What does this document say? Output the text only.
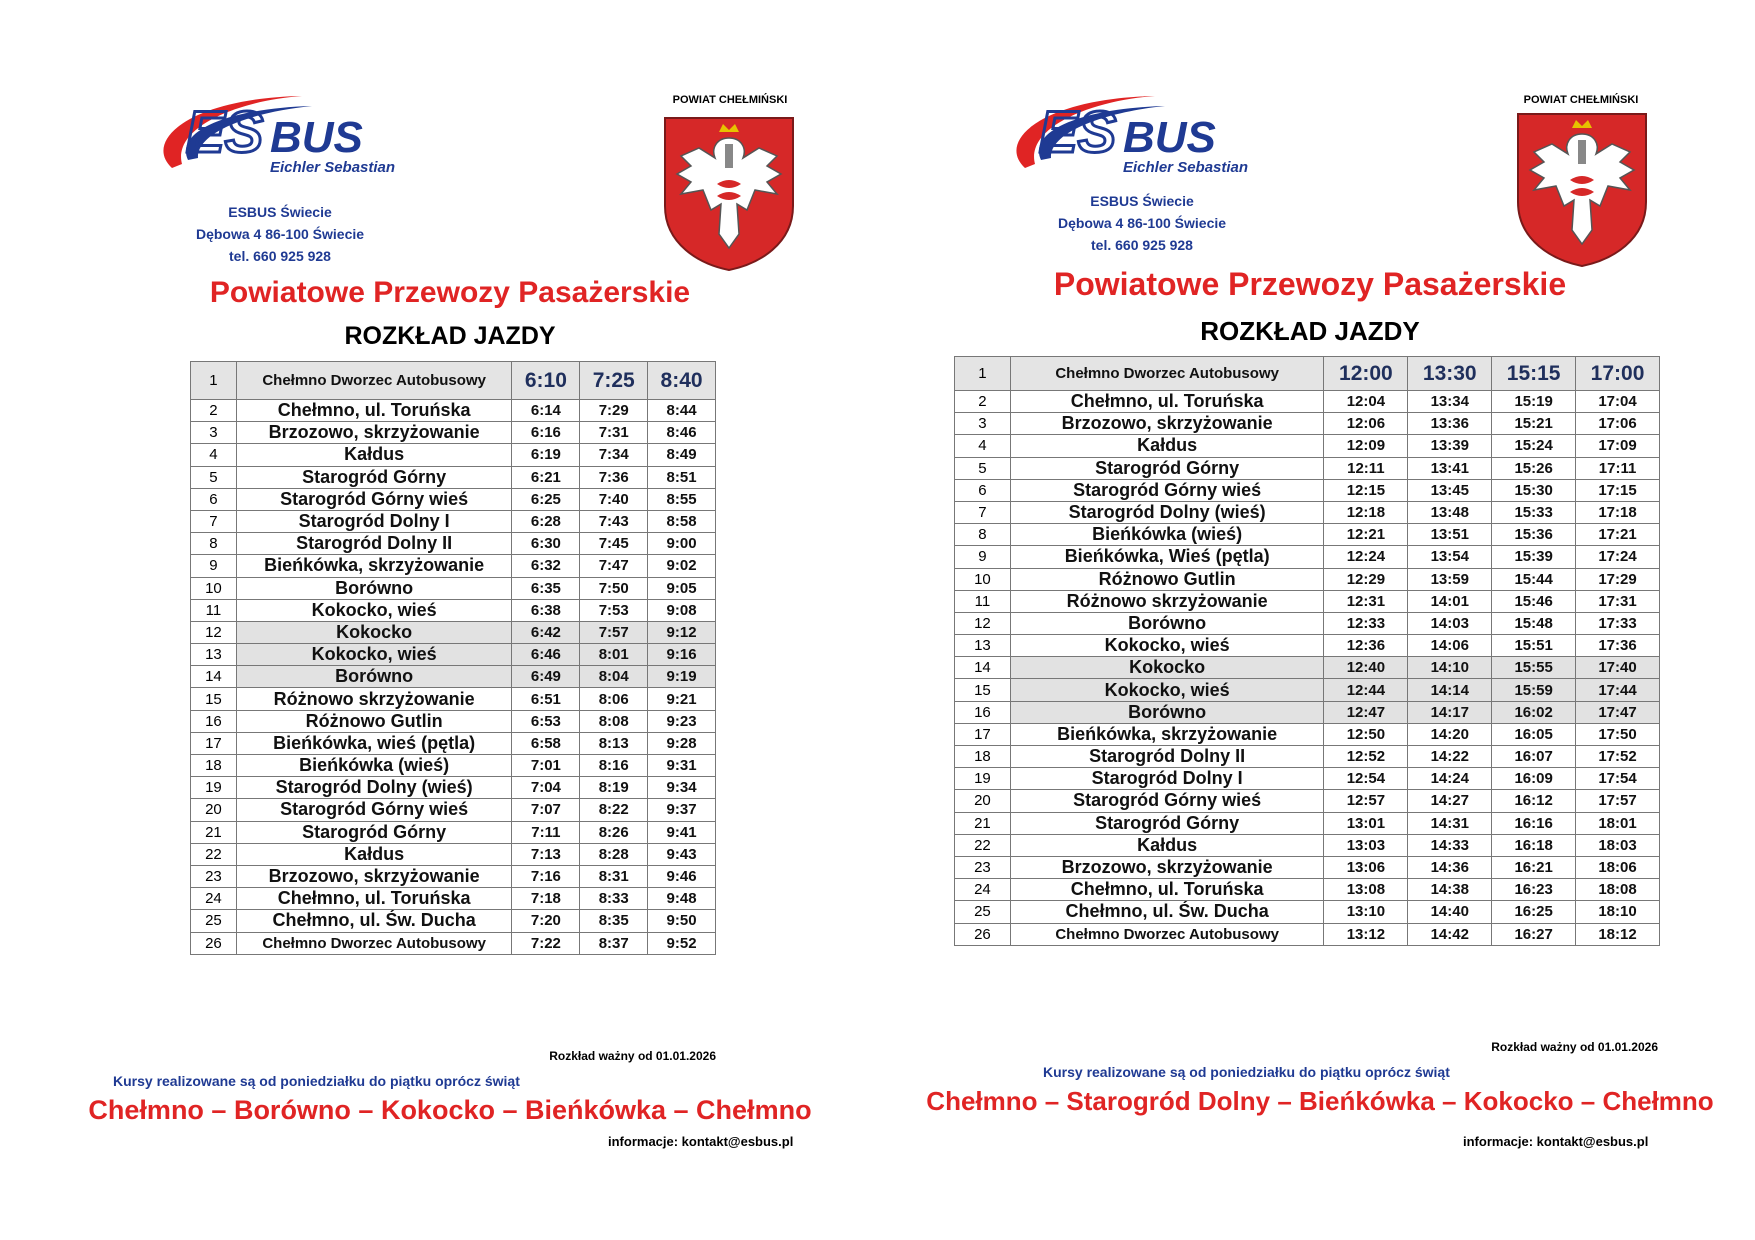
ES BUS
Eichler Sebastian
ESBUS Świecie
Dębowa 4 86-100 Świecie
tel. 660 925 928
POWIAT CHEŁMIŃSKI
Powiatowe Przewozy Pasażerskie
ROZKŁAD JAZDY
1	Chełmno Dworzec Autobusowy	6:10	7:25	8:40
2	Chełmno, ul. Toruńska	6:14	7:29	8:44
3	Brzozowo, skrzyżowanie	6:16	7:31	8:46
4	Kałdus	6:19	7:34	8:49
5	Starogród Górny	6:21	7:36	8:51
6	Starogród Górny wieś	6:25	7:40	8:55
7	Starogród Dolny I	6:28	7:43	8:58
8	Starogród Dolny II	6:30	7:45	9:00
9	Bieńkówka, skrzyżowanie	6:32	7:47	9:02
10	Borówno	6:35	7:50	9:05
11	Kokocko, wieś	6:38	7:53	9:08
12	Kokocko	6:42	7:57	9:12
13	Kokocko, wieś	6:46	8:01	9:16
14	Borówno	6:49	8:04	9:19
15	Różnowo skrzyżowanie	6:51	8:06	9:21
16	Różnowo Gutlin	6:53	8:08	9:23
17	Bieńkówka, wieś (pętla)	6:58	8:13	9:28
18	Bieńkówka (wieś)	7:01	8:16	9:31
19	Starogród Dolny (wieś)	7:04	8:19	9:34
20	Starogród Górny wieś	7:07	8:22	9:37
21	Starogród Górny	7:11	8:26	9:41
22	Kałdus	7:13	8:28	9:43
23	Brzozowo, skrzyżowanie	7:16	8:31	9:46
24	Chełmno, ul. Toruńska	7:18	8:33	9:48
25	Chełmno, ul. Św. Ducha	7:20	8:35	9:50
26	Chełmno Dworzec Autobusowy	7:22	8:37	9:52
Rozkład ważny od 01.01.2026
Kursy realizowane są od poniedziałku do piątku oprócz świąt
Chełmno – Borówno – Kokocko – Bieńkówka – Chełmno
informacje: kontakt@esbus.pl
ES BUS
Eichler Sebastian
ESBUS Świecie
Dębowa 4 86-100 Świecie
tel. 660 925 928
POWIAT CHEŁMIŃSKI
Powiatowe Przewozy Pasażerskie
ROZKŁAD JAZDY
1	Chełmno Dworzec Autobusowy	12:00	13:30	15:15	17:00
2	Chełmno, ul. Toruńska	12:04	13:34	15:19	17:04
3	Brzozowo, skrzyżowanie	12:06	13:36	15:21	17:06
4	Kałdus	12:09	13:39	15:24	17:09
5	Starogród Górny	12:11	13:41	15:26	17:11
6	Starogród Górny wieś	12:15	13:45	15:30	17:15
7	Starogród Dolny (wieś)	12:18	13:48	15:33	17:18
8	Bieńkówka (wieś)	12:21	13:51	15:36	17:21
9	Bieńkówka, Wieś (pętla)	12:24	13:54	15:39	17:24
10	Różnowo Gutlin	12:29	13:59	15:44	17:29
11	Różnowo skrzyżowanie	12:31	14:01	15:46	17:31
12	Borówno	12:33	14:03	15:48	17:33
13	Kokocko, wieś	12:36	14:06	15:51	17:36
14	Kokocko	12:40	14:10	15:55	17:40
15	Kokocko, wieś	12:44	14:14	15:59	17:44
16	Borówno	12:47	14:17	16:02	17:47
17	Bieńkówka, skrzyżowanie	12:50	14:20	16:05	17:50
18	Starogród Dolny II	12:52	14:22	16:07	17:52
19	Starogród Dolny I	12:54	14:24	16:09	17:54
20	Starogród Górny wieś	12:57	14:27	16:12	17:57
21	Starogród Górny	13:01	14:31	16:16	18:01
22	Kałdus	13:03	14:33	16:18	18:03
23	Brzozowo, skrzyżowanie	13:06	14:36	16:21	18:06
24	Chełmno, ul. Toruńska	13:08	14:38	16:23	18:08
25	Chełmno, ul. Św. Ducha	13:10	14:40	16:25	18:10
26	Chełmno Dworzec Autobusowy	13:12	14:42	16:27	18:12
Rozkład ważny od 01.01.2026
Kursy realizowane są od poniedziałku do piątku oprócz świąt
Chełmno – Starogród Dolny – Bieńkówka – Kokocko – Chełmno
informacje: kontakt@esbus.pl
